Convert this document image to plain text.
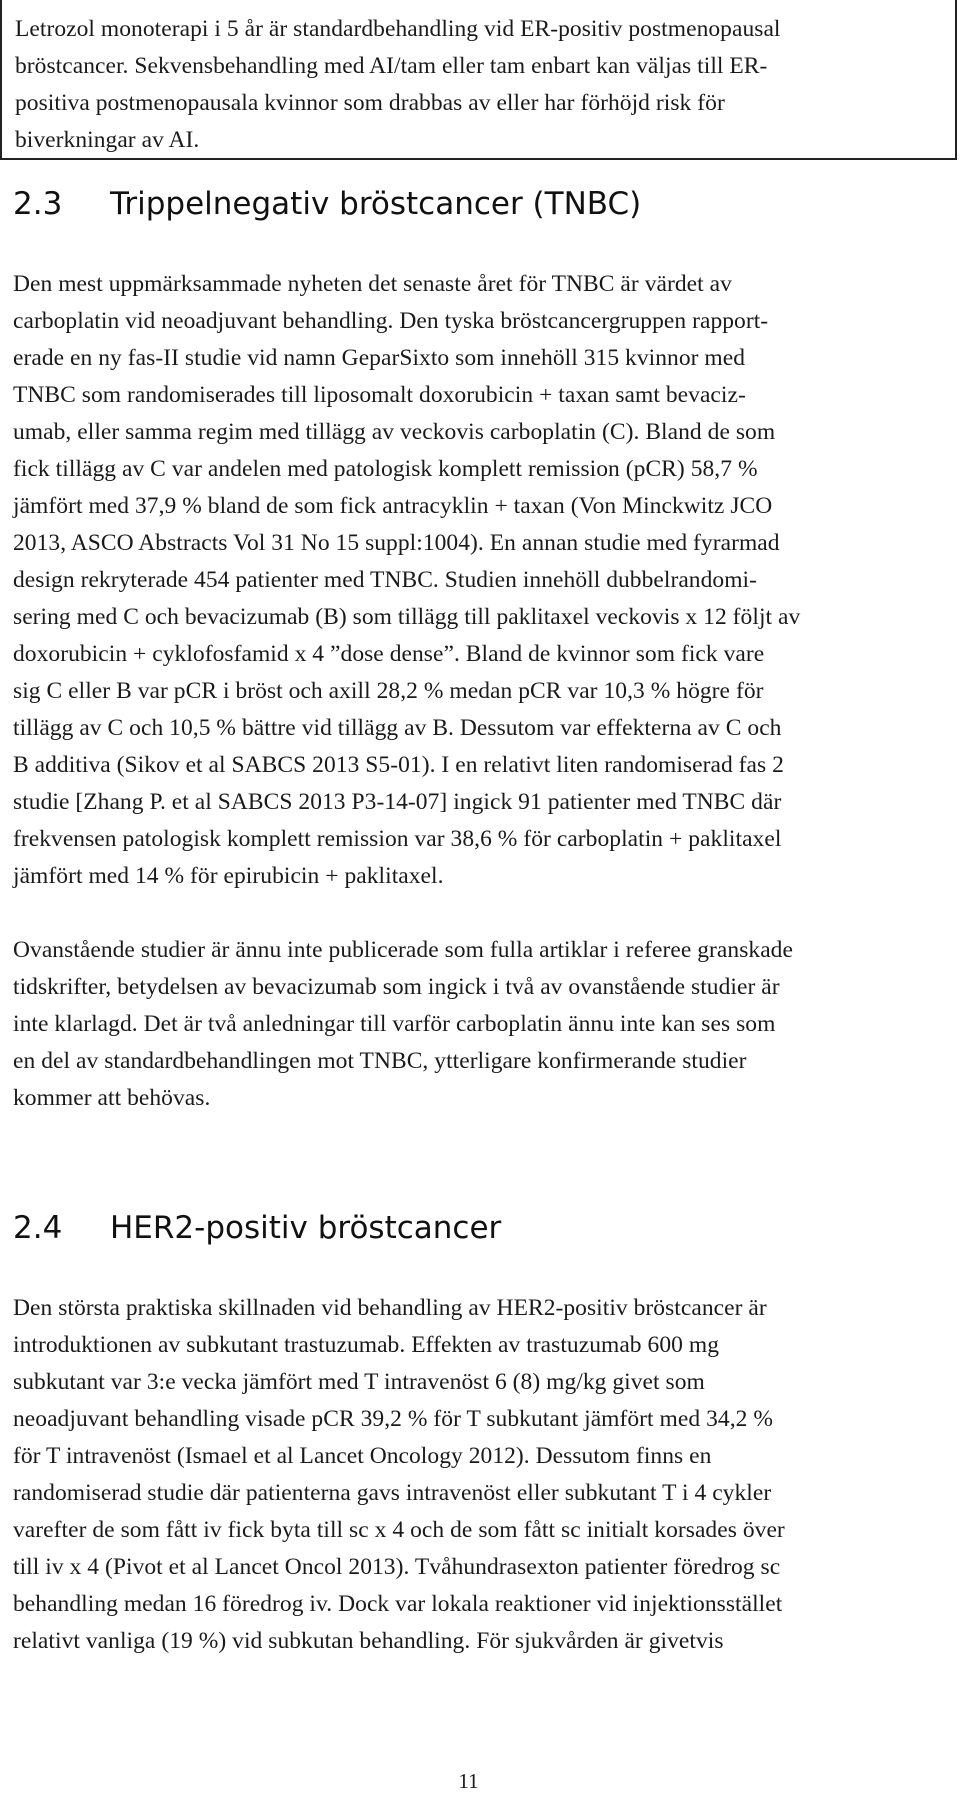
Letrozol monoterapi i 5 år är standardbehandling vid ER-positiv postmenopausal
bröstcancer. Sekvensbehandling med AI/tam eller tam enbart kan väljas till ER-
positiva postmenopausala kvinnor som drabbas av eller har förhöjd risk för
biverkningar av AI.

2.3 Trippelnegativ bröstcancer (TNBC)

Den mest uppmärksammade nyheten det senaste året för TNBC är värdet av
carboplatin vid neoadjuvant behandling. Den tyska bröstcancergruppen rapport-
erade en ny fas-II studie vid namn GeparSixto som innehöll 315 kvinnor med
TNBC som randomiserades till liposomalt doxorubicin + taxan samt bevaciz-
umab, eller samma regim med tillägg av veckovis carboplatin (C). Bland de som
fick tillägg av C var andelen med patologisk komplett remission (pCR) 58,7 %
jämfört med 37,9 % bland de som fick antracyklin + taxan (Von Minckwitz JCO
2013, ASCO Abstracts Vol 31 No 15 suppl:1004). En annan studie med fyrarmad
design rekryterade 454 patienter med TNBC. Studien innehöll dubbelrandomi-
sering med C och bevacizumab (B) som tillägg till paklitaxel veckovis x 12 följt av
doxorubicin + cyklofosfamid x 4 ”dose dense”. Bland de kvinnor som fick vare
sig C eller B var pCR i bröst och axill 28,2 % medan pCR var 10,3 % högre för
tillägg av C och 10,5 % bättre vid tillägg av B. Dessutom var effekterna av C och
B additiva (Sikov et al SABCS 2013 S5-01). I en relativt liten randomiserad fas 2
studie [Zhang P. et al SABCS 2013 P3-14-07] ingick 91 patienter med TNBC där
frekvensen patologisk komplett remission var 38,6 % för carboplatin + paklitaxel
jämfört med 14 % för epirubicin + paklitaxel.

Ovanstående studier är ännu inte publicerade som fulla artiklar i referee granskade
tidskrifter, betydelsen av bevacizumab som ingick i två av ovanstående studier är
inte klarlagd. Det är två anledningar till varför carboplatin ännu inte kan ses som
en del av standardbehandlingen mot TNBC, ytterligare konfirmerande studier
kommer att behövas.

2.4 HER2-positiv bröstcancer

Den största praktiska skillnaden vid behandling av HER2-positiv bröstcancer är
introduktionen av subkutant trastuzumab. Effekten av trastuzumab 600 mg
subkutant var 3:e vecka jämfört med T intravenöst 6 (8) mg/kg givet som
neoadjuvant behandling visade pCR 39,2 % för T subkutant jämfört med 34,2 %
för T intravenöst (Ismael et al Lancet Oncology 2012). Dessutom finns en
randomiserad studie där patienterna gavs intravenöst eller subkutant T i 4 cykler
varefter de som fått iv fick byta till sc x 4 och de som fått sc initialt korsades över
till iv x 4 (Pivot et al Lancet Oncol 2013). Tvåhundrasexton patienter föredrog sc
behandling medan 16 föredrog iv. Dock var lokala reaktioner vid injektionsstället
relativt vanliga (19 %) vid subkutan behandling. För sjukvården är givetvis

11
